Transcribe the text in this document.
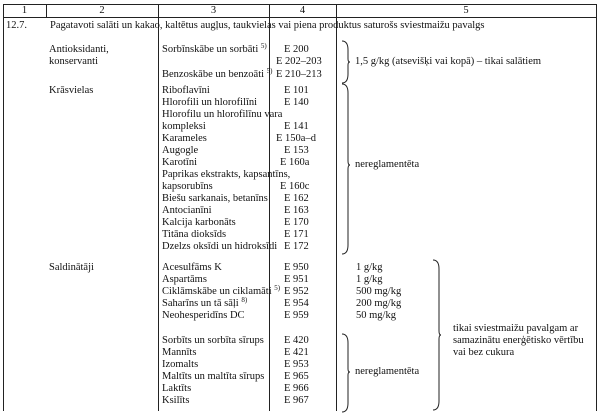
1	2	3	4	5
12.7. Pagatavoti salāti un kakao, kaltētus augļus, taukvielas vai piena produktus saturošs sviestmaižu pavalgs
Antioksidanti,
konservanti
Sorbīnskābe un sorbāti $^{5)}$ E 200
E 202–203
Benzoskābe un benzoāti $^{5)}$ E 210–213
1,5 g/kg (atsevišķi vai kopā) – tikai salātiem
Krāsvielas	Riboflavīni	E 101
Hlorofili un hlorofilīni	E 140
Hlorofilu un hlorofilīnu vara
kompleksi	E 141
Karameles	E 150a–d
Augogle	E 153
Karotīni	E 160a
Paprikas ekstrakts, kapsantīns,
kapsorubīns	E 160c
Biešu sarkanais, betanīns E 162
Antocianīni	E 163
Kalcija karbonāts	E 170
Titāna dioksīds	E 171
Dzelzs oksīdi un hidroksīdi E 172
nereglamentēta
Saldinātāji	Acesulfāms K	E 950	1 g/kg
Aspartāms	E 951	1 g/kg
Ciklāmskābe un ciklamāti $^{5)}$ E 952	500 mg/kg
Saharīns un tā sāļi $^{8)}$	E 954	200 mg/kg
Neohesperidīns DC	E 959	50 mg/kg
Sorbīts un sorbīta sīrups E 420
Mannīts	E 421
Izomalts	E 953
Maltīts un maltīta sīrups E 965
Laktīts	E 966
Ksilīts	E 967
nereglamentēta
tikai sviestmaižu pavalgam ar
samazinātu enerģētisko vērtību
vai bez cukura
